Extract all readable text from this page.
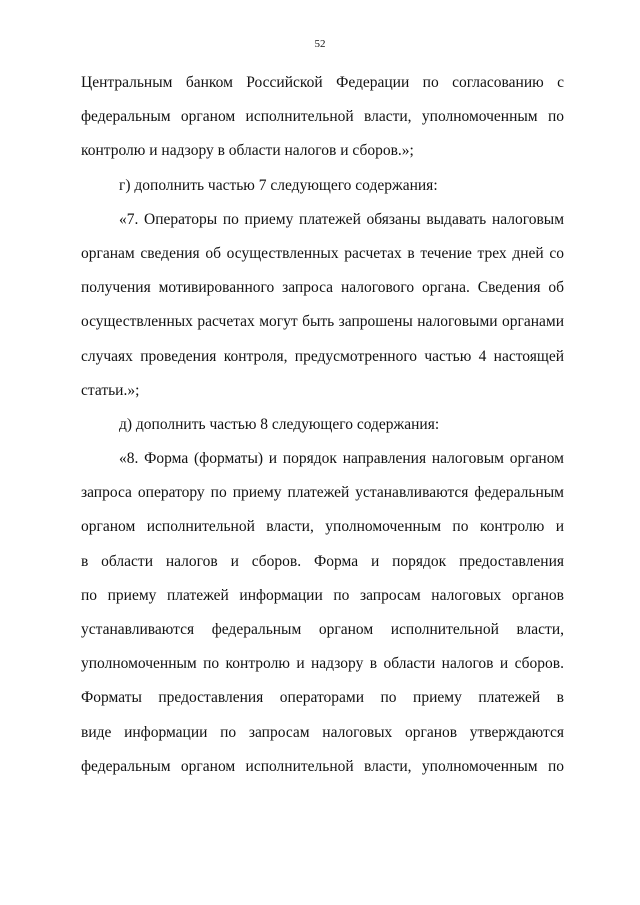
52
Центральным банком Российской Федерации по согласованию с
федеральным органом исполнительной власти, уполномоченным по
контролю и надзору в области налогов и сборов.»;
г) дополнить частью 7 следующего содержания:
«7. Операторы по приему платежей обязаны выдавать налоговым
органам сведения об осуществленных расчетах в течение трех дней со
получения мотивированного запроса налогового органа. Сведения об
осуществленных расчетах могут быть запрошены налоговыми органами
случаях проведения контроля, предусмотренного частью 4 настоящей
статьи.»;
д) дополнить частью 8 следующего содержания:
«8. Форма (форматы) и порядок направления налоговым органом
запроса оператору по приему платежей устанавливаются федеральным
органом исполнительной власти, уполномоченным по контролю и
в области налогов и сборов. Форма и порядок предоставления
по приему платежей информации по запросам налоговых органов
устанавливаются федеральным органом исполнительной власти,
уполномоченным по контролю и надзору в области налогов и сборов.
Форматы предоставления операторами по приему платежей в
виде информации по запросам налоговых органов утверждаются
федеральным органом исполнительной власти, уполномоченным по
